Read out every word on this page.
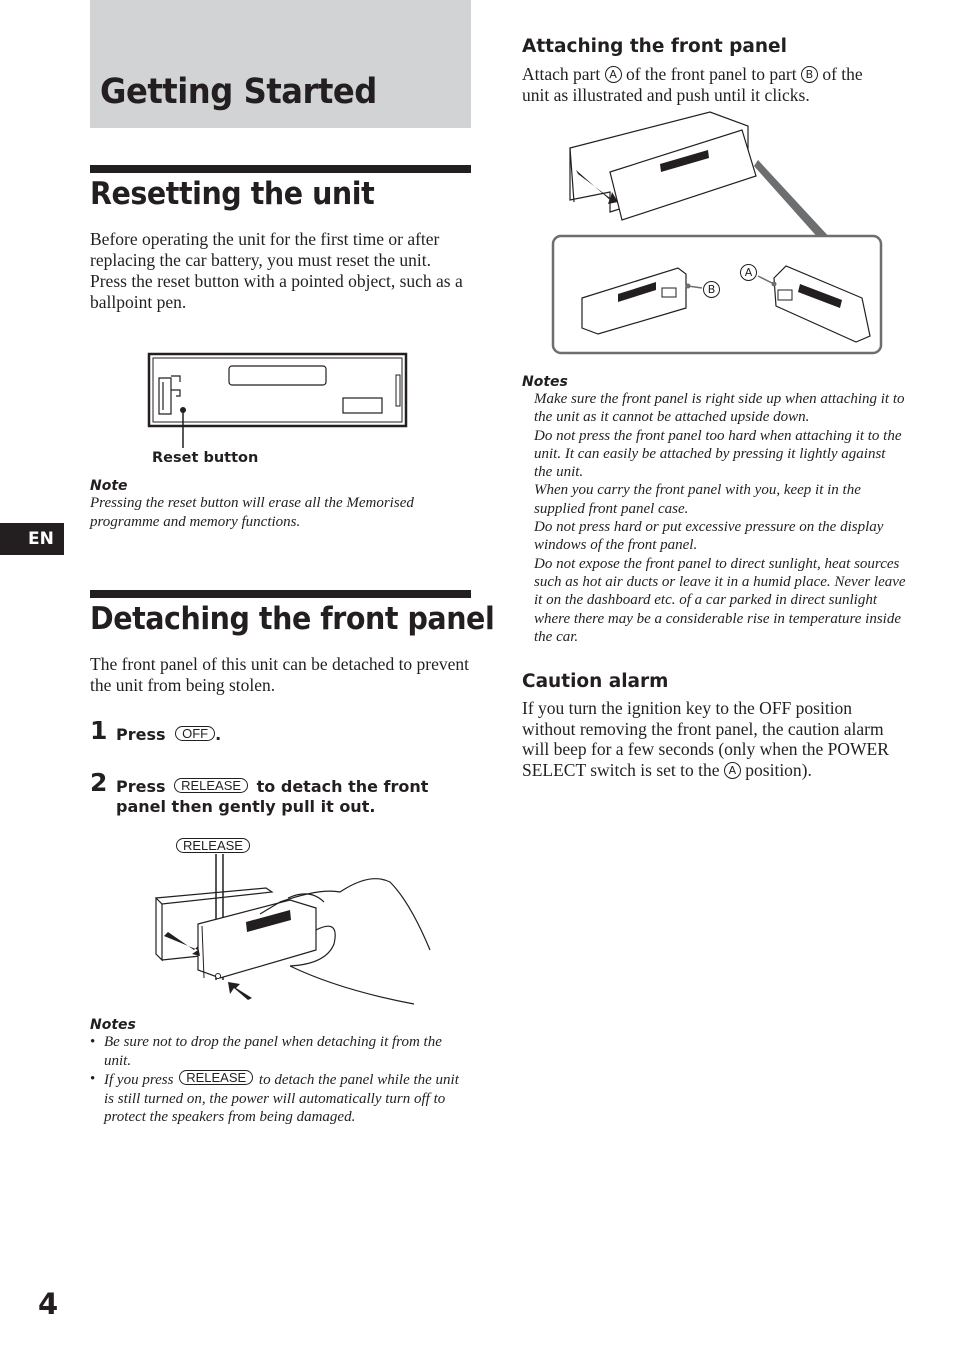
Getting Started
EN
Resetting the unit
Before operating the unit for the first time or after replacing the car battery, you must reset the unit.
Press the reset button with a pointed object, such as a ballpoint pen.
Reset button
Note
Pressing the reset button will erase all the Memorised programme and memory functions.
Detaching the front panel
The front panel of this unit can be detached to prevent the unit from being stolen.
1 Press OFF .
2 Press RELEASE to detach the front panel then gently pull it out.
RELEASE
Notes
• Be sure not to drop the panel when detaching it from the unit.
• If you press RELEASE to detach the panel while the unit is still turned on, the power will automatically turn off to protect the speakers from being damaged.
Attaching the front panel
Attach part A of the front panel to part B of the unit as illustrated and push until it clicks.
A
B
Notes

Make sure the front panel is right side up when attaching it to the unit as it cannot be attached upside down.

Do not press the front panel too hard when attaching it to the unit. It can easily be attached by pressing it lightly against the unit.

When you carry the front panel with you, keep it in the supplied front panel case.

Do not press hard or put excessive pressure on the display windows of the front panel.

Do not expose the front panel to direct sunlight, heat sources such as hot air ducts or leave it in a humid place. Never leave it on the dashboard etc. of a car parked in direct sunlight where there may be a considerable rise in temperature inside the car.

Caution alarm
If you turn the ignition key to the OFF position without removing the front panel, the caution alarm will beep for a few seconds (only when the POWER SELECT switch is set to the A position).
4
